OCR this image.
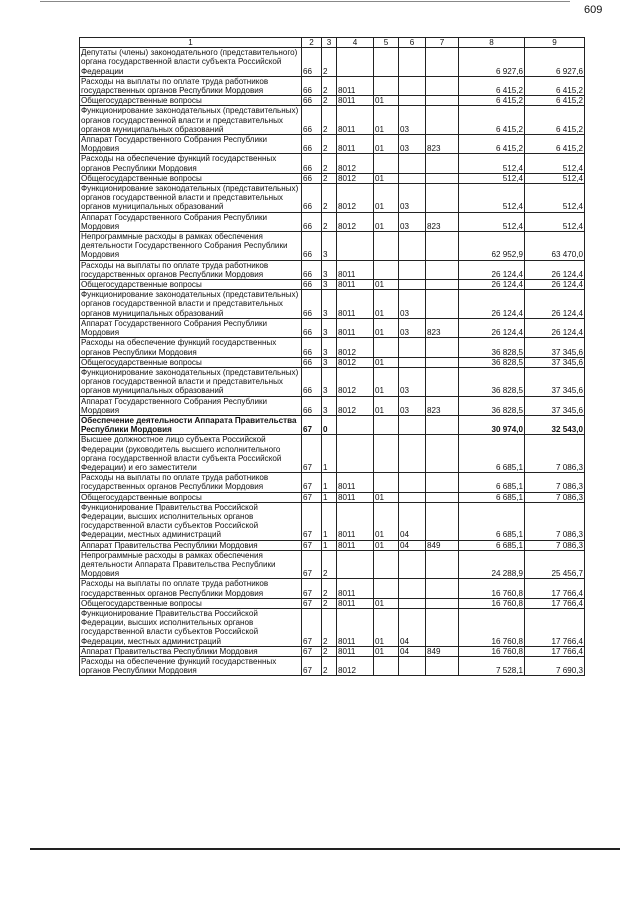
609
1	2	3	4	5	6	7	8	9
Депутаты (члены) законодательного (представительного) органа государственной власти субъекта Российской Федерации	66	2					6 927,6	6 927,6
Расходы на выплаты по оплате труда работников государственных органов Республики Мордовия	66	2	8011				6 415,2	6 415,2
Общегосударственные вопросы	66	2	8011	01			6 415,2	6 415,2
Функционирование законодательных (представительных) органов государственной власти и представительных органов муниципальных образований	66	2	8011	01	03		6 415,2	6 415,2
Аппарат Государственного Собрания Республики Мордовия	66	2	8011	01	03	823	6 415,2	6 415,2
Расходы на обеспечение функций государственных органов Республики Мордовия	66	2	8012				512,4	512,4
Общегосударственные вопросы	66	2	8012	01			512,4	512,4
Функционирование законодательных (представительных) органов государственной власти и представительных органов муниципальных образований	66	2	8012	01	03		512,4	512,4
Аппарат Государственного Собрания Республики Мордовия	66	2	8012	01	03	823	512,4	512,4
Непрограммные расходы в рамках обеспечения деятельности Государственного Собрания Республики Мордовия	66	3					62 952,9	63 470,0
Расходы на выплаты по оплате труда работников государственных органов Республики Мордовия	66	3	8011				26 124,4	26 124,4
Общегосударственные вопросы	66	3	8011	01			26 124,4	26 124,4
Функционирование законодательных (представительных) органов государственной власти и представительных органов муниципальных образований	66	3	8011	01	03		26 124,4	26 124,4
Аппарат Государственного Собрания Республики Мордовия	66	3	8011	01	03	823	26 124,4	26 124,4
Расходы на обеспечение функций государственных органов Республики Мордовия	66	3	8012				36 828,5	37 345,6
Общегосударственные вопросы	66	3	8012	01			36 828,5	37 345,6
Функционирование законодательных (представительных) органов государственной власти и представительных органов муниципальных образований	66	3	8012	01	03		36 828,5	37 345,6
Аппарат Государственного Собрания Республики Мордовия	66	3	8012	01	03	823	36 828,5	37 345,6
Обеспечение деятельности Аппарата Правительства Республики Мордовия	67	0					30 974,0	32 543,0
Высшее должностное лицо субъекта Российской Федерации (руководитель высшего исполнительного органа государственной власти субъекта Российской Федерации) и его заместители	67	1					6 685,1	7 086,3
Расходы на выплаты по оплате труда работников государственных органов Республики Мордовия	67	1	8011				6 685,1	7 086,3
Общегосударственные вопросы	67	1	8011	01			6 685,1	7 086,3
Функционирование Правительства Российской Федерации, высших исполнительных органов государственной власти субъектов Российской Федерации, местных администраций	67	1	8011	01	04		6 685,1	7 086,3
Аппарат Правительства Республики Мордовия	67	1	8011	01	04	849	6 685,1	7 086,3
Непрограммные расходы в рамках обеспечения деятельности Аппарата Правительства Республики Мордовия	67	2					24 288,9	25 456,7
Расходы на выплаты по оплате труда работников государственных органов Республики Мордовия	67	2	8011				16 760,8	17 766,4
Общегосударственные вопросы	67	2	8011	01			16 760,8	17 766,4
Функционирование Правительства Российской Федерации, высших исполнительных органов государственной власти субъектов Российской Федерации, местных администраций	67	2	8011	01	04		16 760,8	17 766,4
Аппарат Правительства Республики Мордовия	67	2	8011	01	04	849	16 760,8	17 766,4
Расходы на обеспечение функций государственных органов Республики Мордовия	67	2	8012				7 528,1	7 690,3
